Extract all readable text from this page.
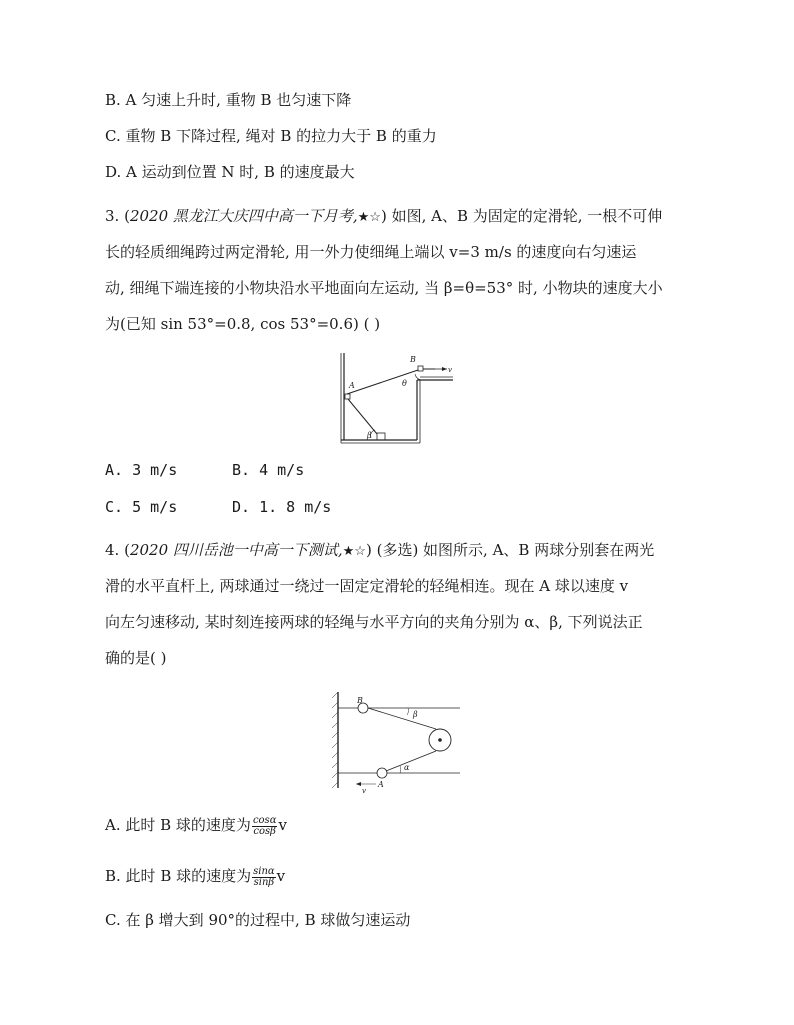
B. A 匀速上升时, 重物 B 也匀速下降
C. 重物 B 下降过程, 绳对 B 的拉力大于 B 的重力
D. A 运动到位置 N 时, B 的速度最大
3. (2020 黑龙江大庆四中高一下月考,★☆) 如图, A、B 为固定的定滑轮, 一根不可伸
长的轻质细绳跨过两定滑轮, 用一外力使细绳上端以 v=3 m/s 的速度向右匀速运
动, 细绳下端连接的小物块沿水平地面向左运动, 当 β=θ=53° 时, 小物块的速度大小
为(已知 sin 53°=0.8, cos 53°=0.6) ( )
A
B
v
θ
β
A. 3 m/s	B. 4 m/s
C. 5 m/s	D. 1. 8 m/s
4. (2020 四川岳池一中高一下测试,★☆) (多选) 如图所示, A、B 两球分别套在两光
滑的水平直杆上, 两球通过一绕过一固定定滑轮的轻绳相连。现在 A 球以速度 v
向左匀速移动, 某时刻连接两球的轻绳与水平方向的夹角分别为 α、β, 下列说法正
确的是( )
B
A
v
β
α
A. 此时 B 球的速度为 $\frac{\cos\alpha}{\cos\beta}$ v
B. 此时 B 球的速度为 $\frac{\sin\alpha}{\sin\beta}$ v
C. 在 β 增大到 90°的过程中, B 球做匀速运动
